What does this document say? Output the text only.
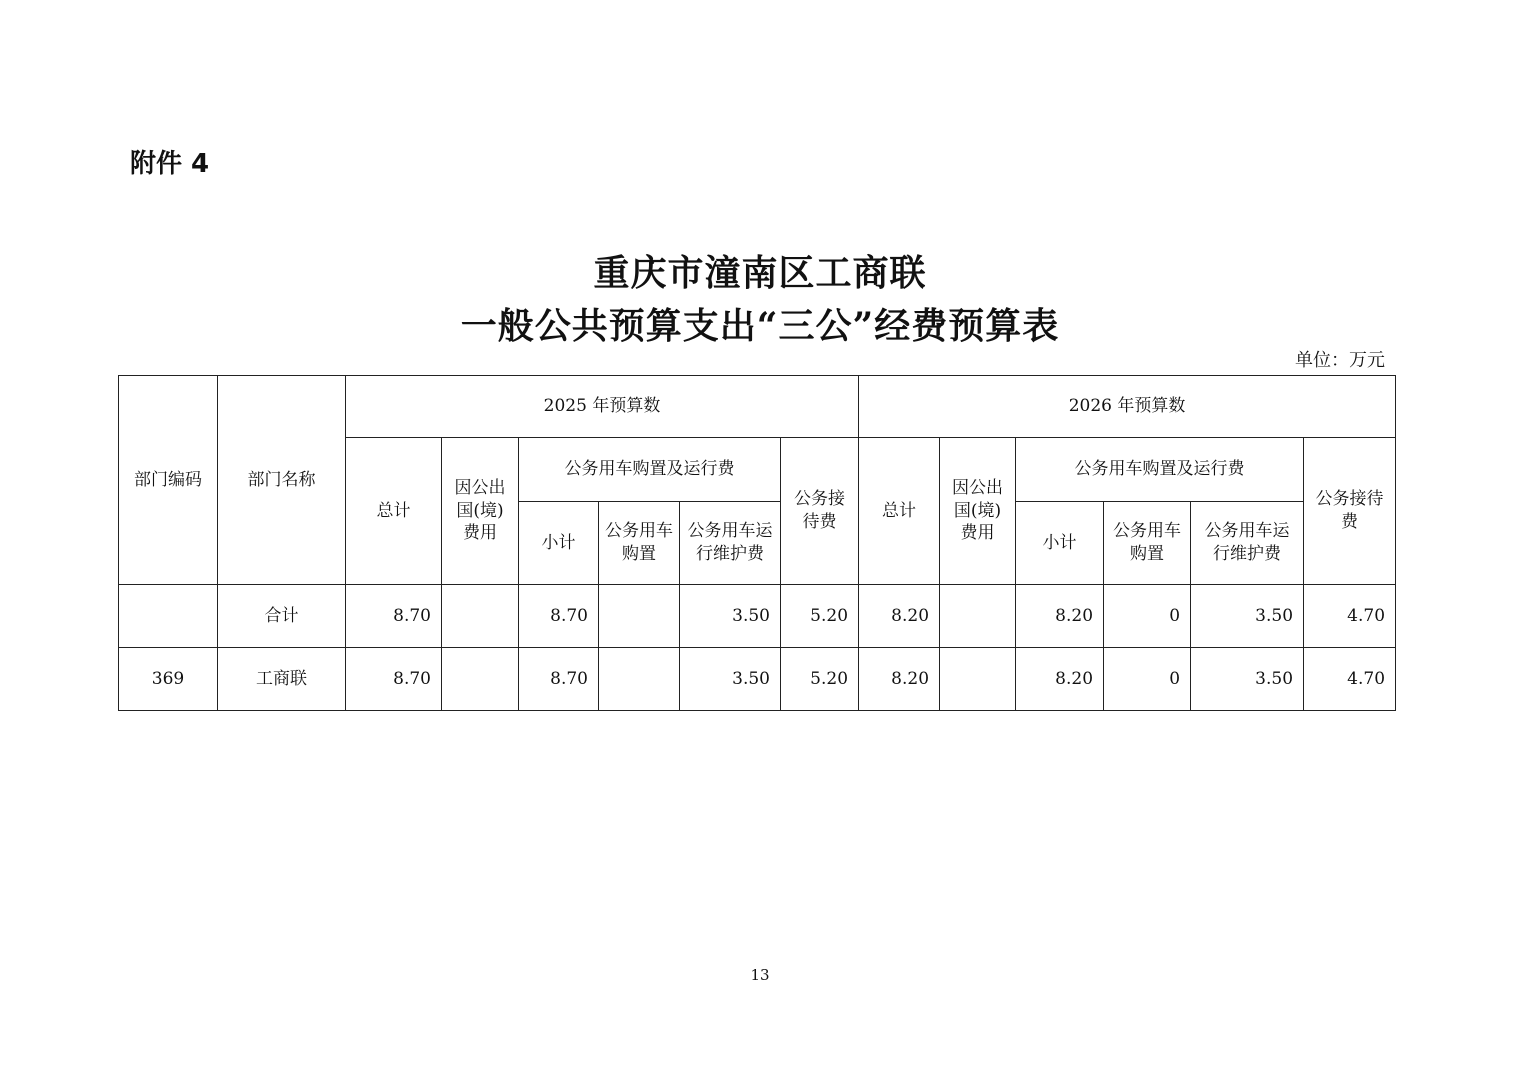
附件 4
重庆市潼南区工商联
一般公共预算支出“三公”经费预算表
单位：万元
部门编码	部门名称	2025 年预算数						2026 年预算数					
		总计	因公出国(境)费用	公务用车购置及运行费			公务接待费	总计	因公出国(境)费用	公务用车购置及运行费			公务接待费
				小计	公务用车购置	公务用车运行维护费				小计	公务用车购置	公务用车运行维护费	
	合计	8.70		8.70		3.50	5.20	8.20		8.20	0	3.50	4.70
369	工商联	8.70		8.70		3.50	5.20	8.20		8.20	0	3.50	4.70
13
